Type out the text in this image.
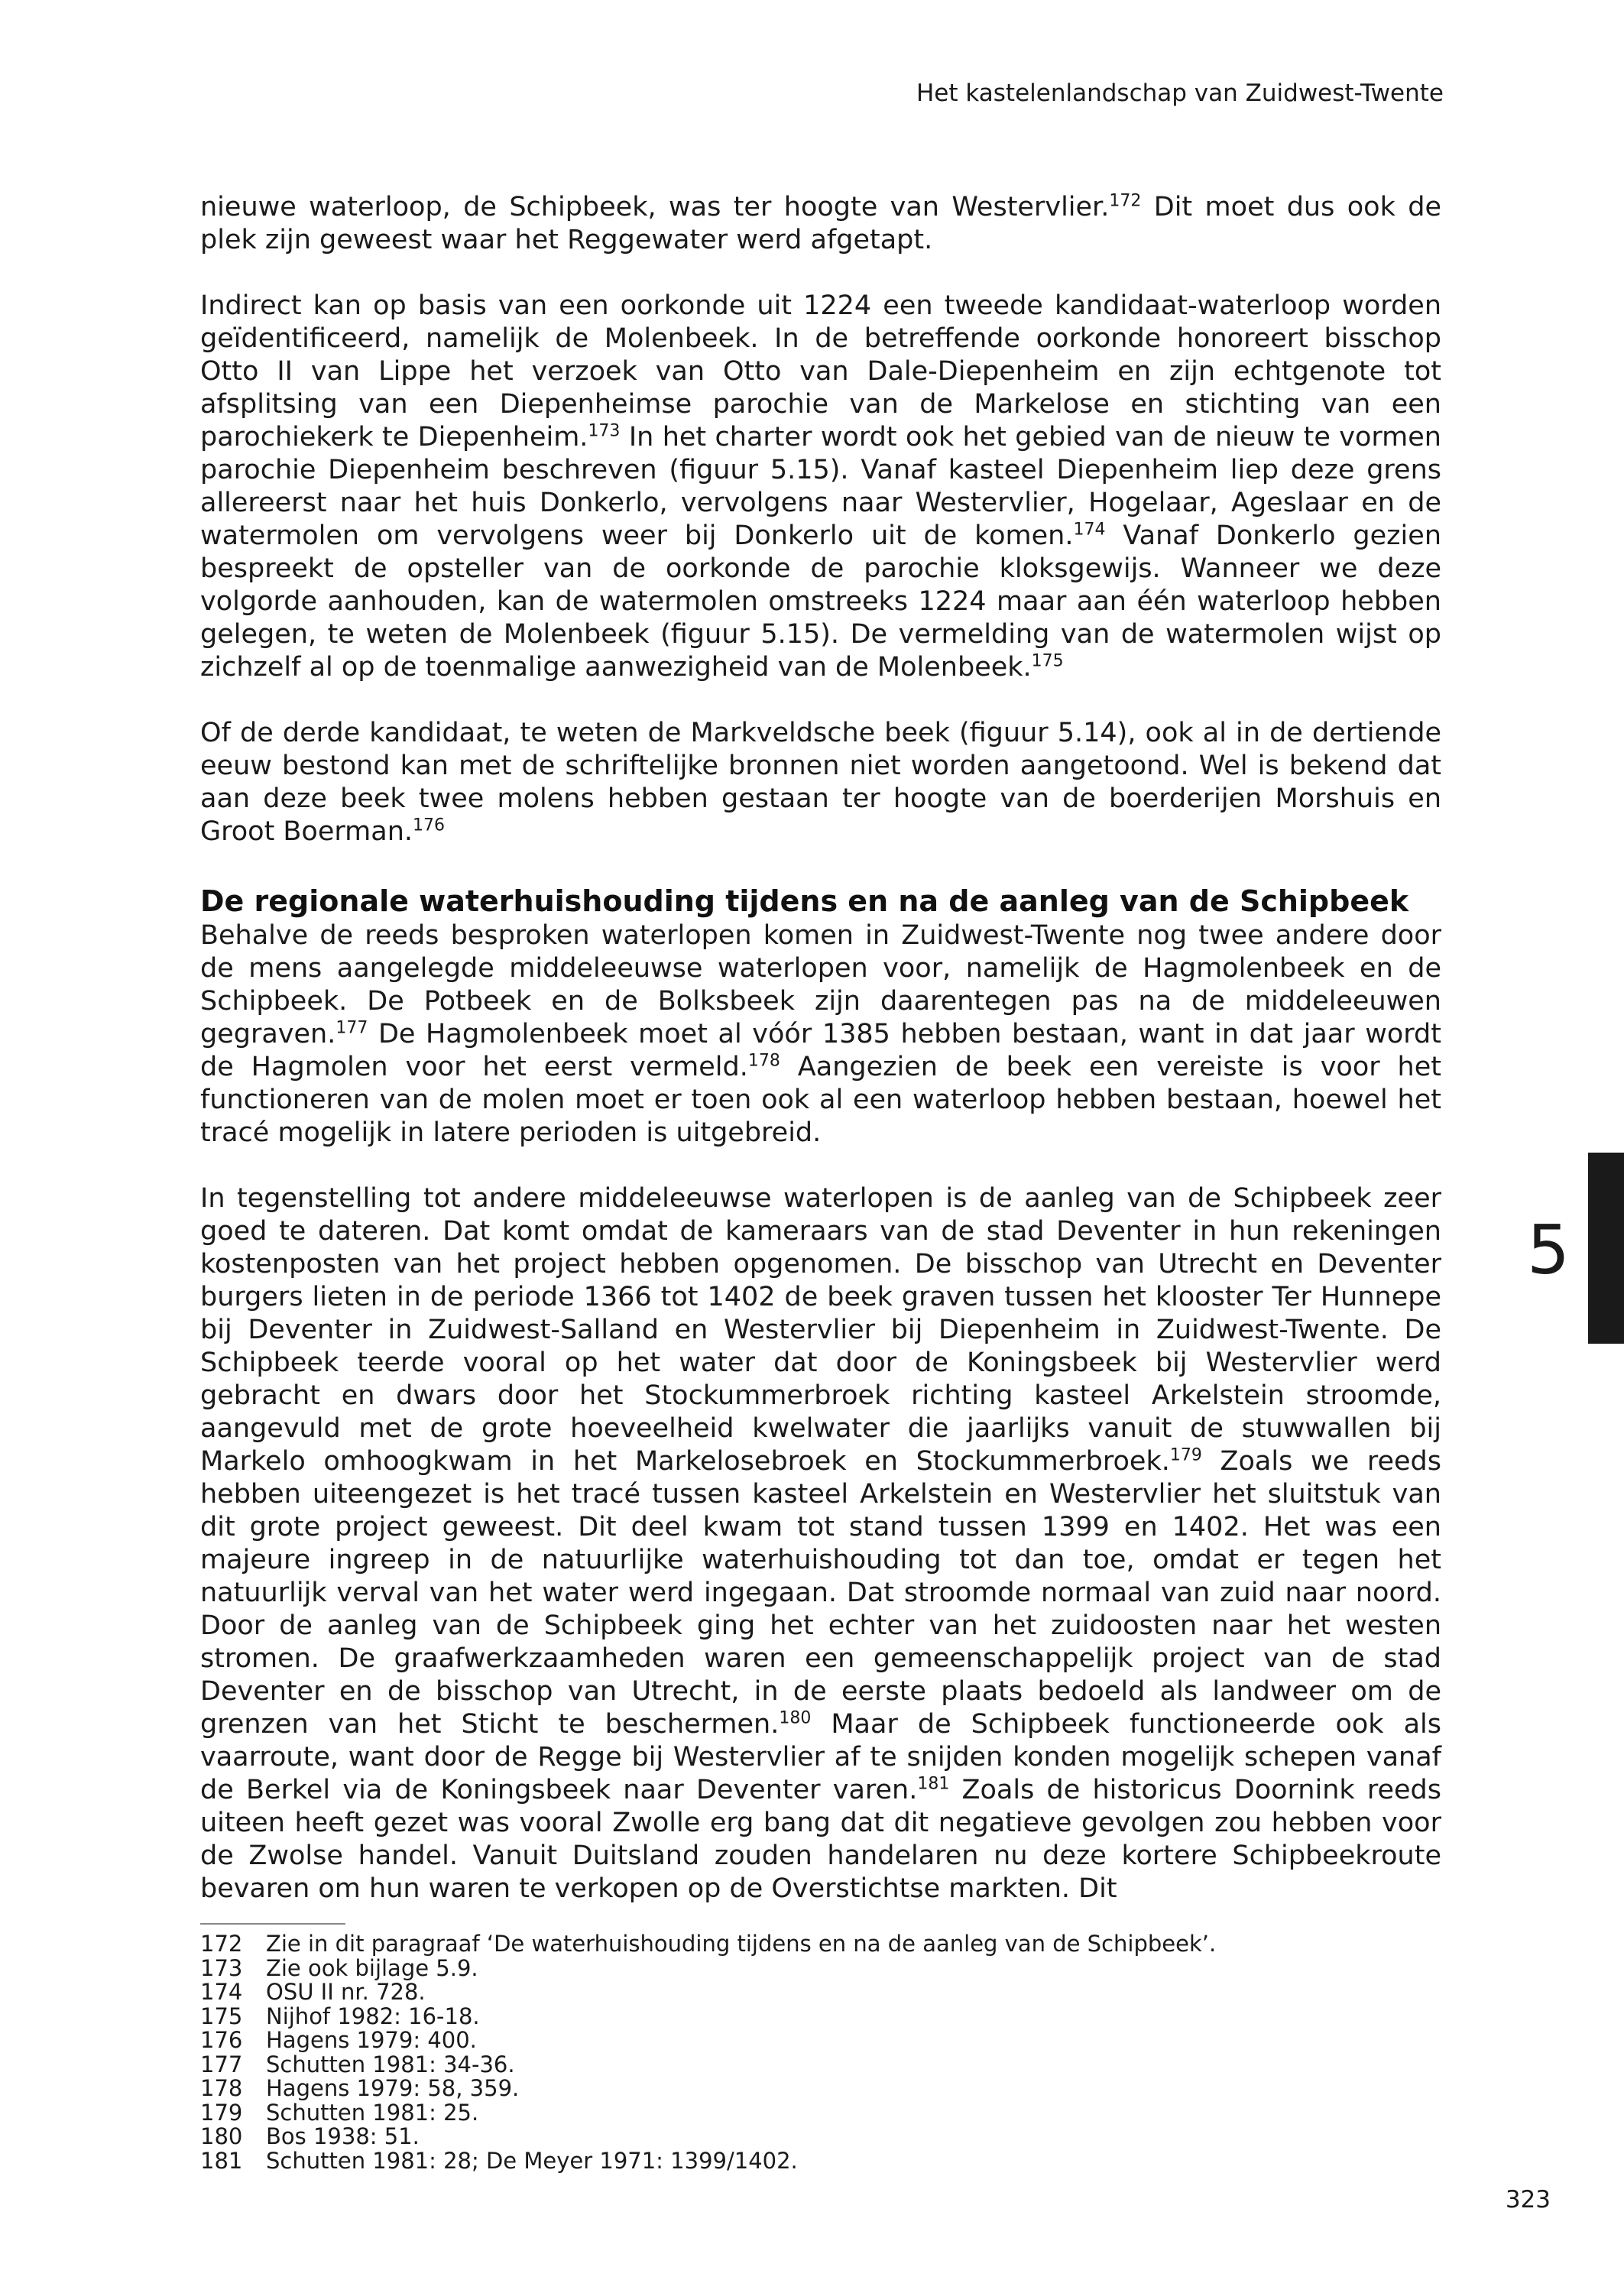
Het kastelenlandschap van Zuidwest-Twente

nieuwe waterloop, de Schipbeek, was ter hoogte van Westervlier.$^{172}$ Dit moet dus ook de plek zijn geweest waar het Reggewater werd afgetapt.

Indirect kan op basis van een oorkonde uit 1224 een tweede kandidaat-waterloop worden geïdentificeerd, namelijk de Molenbeek. In de betreffende oorkonde honoreert bisschop Otto II van Lippe het verzoek van Otto van Dale-Diepenheim en zijn echtgenote tot afsplitsing van een Diepenheimse parochie van de Markelose en stichting van een parochiekerk te Diepenheim.$^{173}$ In het charter wordt ook het gebied van de nieuw te vormen parochie Diepenheim beschreven (figuur 5.15). Vanaf kasteel Diepenheim liep deze grens allereerst naar het huis Donkerlo, vervolgens naar Westervlier, Hogelaar, Ageslaar en de watermolen om vervolgens weer bij Donkerlo uit de komen.$^{174}$ Vanaf Donkerlo gezien bespreekt de opsteller van de oorkonde de parochie kloksgewijs. Wanneer we deze volgorde aanhouden, kan de watermolen omstreeks 1224 maar aan één waterloop hebben gelegen, te weten de Molenbeek (figuur 5.15). De vermelding van de watermolen wijst op zichzelf al op de toenmalige aanwezigheid van de Molenbeek.$^{175}$

Of de derde kandidaat, te weten de Markveldsche beek (figuur 5.14), ook al in de dertiende eeuw bestond kan met de schriftelijke bronnen niet worden aangetoond. Wel is bekend dat aan deze beek twee molens hebben gestaan ter hoogte van de boerderijen Morshuis en Groot Boerman.$^{176}$

De regionale waterhuishouding tijdens en na de aanleg van de Schipbeek

Behalve de reeds besproken waterlopen komen in Zuidwest-Twente nog twee andere door de mens aangelegde middeleeuwse waterlopen voor, namelijk de Hagmolenbeek en de Schipbeek. De Potbeek en de Bolksbeek zijn daarentegen pas na de middeleeuwen gegraven.$^{177}$ De Hagmolenbeek moet al vóór 1385 hebben bestaan, want in dat jaar wordt de Hagmolen voor het eerst vermeld.$^{178}$ Aangezien de beek een vereiste is voor het functioneren van de molen moet er toen ook al een waterloop hebben bestaan, hoewel het tracé mogelijk in latere perioden is uitgebreid.

In tegenstelling tot andere middeleeuwse waterlopen is de aanleg van de Schipbeek zeer goed te dateren. Dat komt omdat de kameraars van de stad Deventer in hun rekeningen kostenposten van het project hebben opgenomen. De bisschop van Utrecht en Deventer burgers lieten in de periode 1366 tot 1402 de beek graven tussen het klooster Ter Hunnepe bij Deventer in Zuidwest-Salland en Westervlier bij Diepenheim in Zuidwest-Twente. De Schipbeek teerde vooral op het water dat door de Koningsbeek bij Westervlier werd gebracht en dwars door het Stockummerbroek richting kasteel Arkelstein stroomde, aangevuld met de grote hoeveelheid kwelwater die jaarlijks vanuit de stuwwallen bij Markelo omhoogkwam in het Markelosebroek en Stockummerbroek.$^{179}$ Zoals we reeds hebben uiteengezet is het tracé tussen kasteel Arkelstein en Westervlier het sluitstuk van dit grote project geweest. Dit deel kwam tot stand tussen 1399 en 1402. Het was een majeure ingreep in de natuurlijke waterhuishouding tot dan toe, omdat er tegen het natuurlijk verval van het water werd ingegaan. Dat stroomde normaal van zuid naar noord. Door de aanleg van de Schipbeek ging het echter van het zuidoosten naar het westen stromen. De graafwerkzaamheden waren een gemeenschappelijk project van de stad Deventer en de bisschop van Utrecht, in de eerste plaats bedoeld als landweer om de grenzen van het Sticht te beschermen.$^{180}$ Maar de Schipbeek functioneerde ook als vaarroute, want door de Regge bij Westervlier af te snijden konden mogelijk schepen vanaf de Berkel via de Koningsbeek naar Deventer varen.$^{181}$ Zoals de historicus Doornink reeds uiteen heeft gezet was vooral Zwolle erg bang dat dit negatieve gevolgen zou hebben voor de Zwolse handel. Vanuit Duitsland zouden handelaren nu deze kortere Schipbeekroute bevaren om hun waren te verkopen op de Overstichtse markten. Dit

5
172	Zie in dit paragraaf ‘De waterhuishouding tijdens en na de aanleg van de Schipbeek’.
173	Zie ook bijlage 5.9.
174	OSU II nr. 728.
175	Nijhof 1982: 16-18.
176	Hagens 1979: 400.
177	Schutten 1981: 34-36.
178	Hagens 1979: 58, 359.
179	Schutten 1981: 25.
180	Bos 1938: 51.
181	Schutten 1981: 28; De Meyer 1971: 1399/1402.
323
